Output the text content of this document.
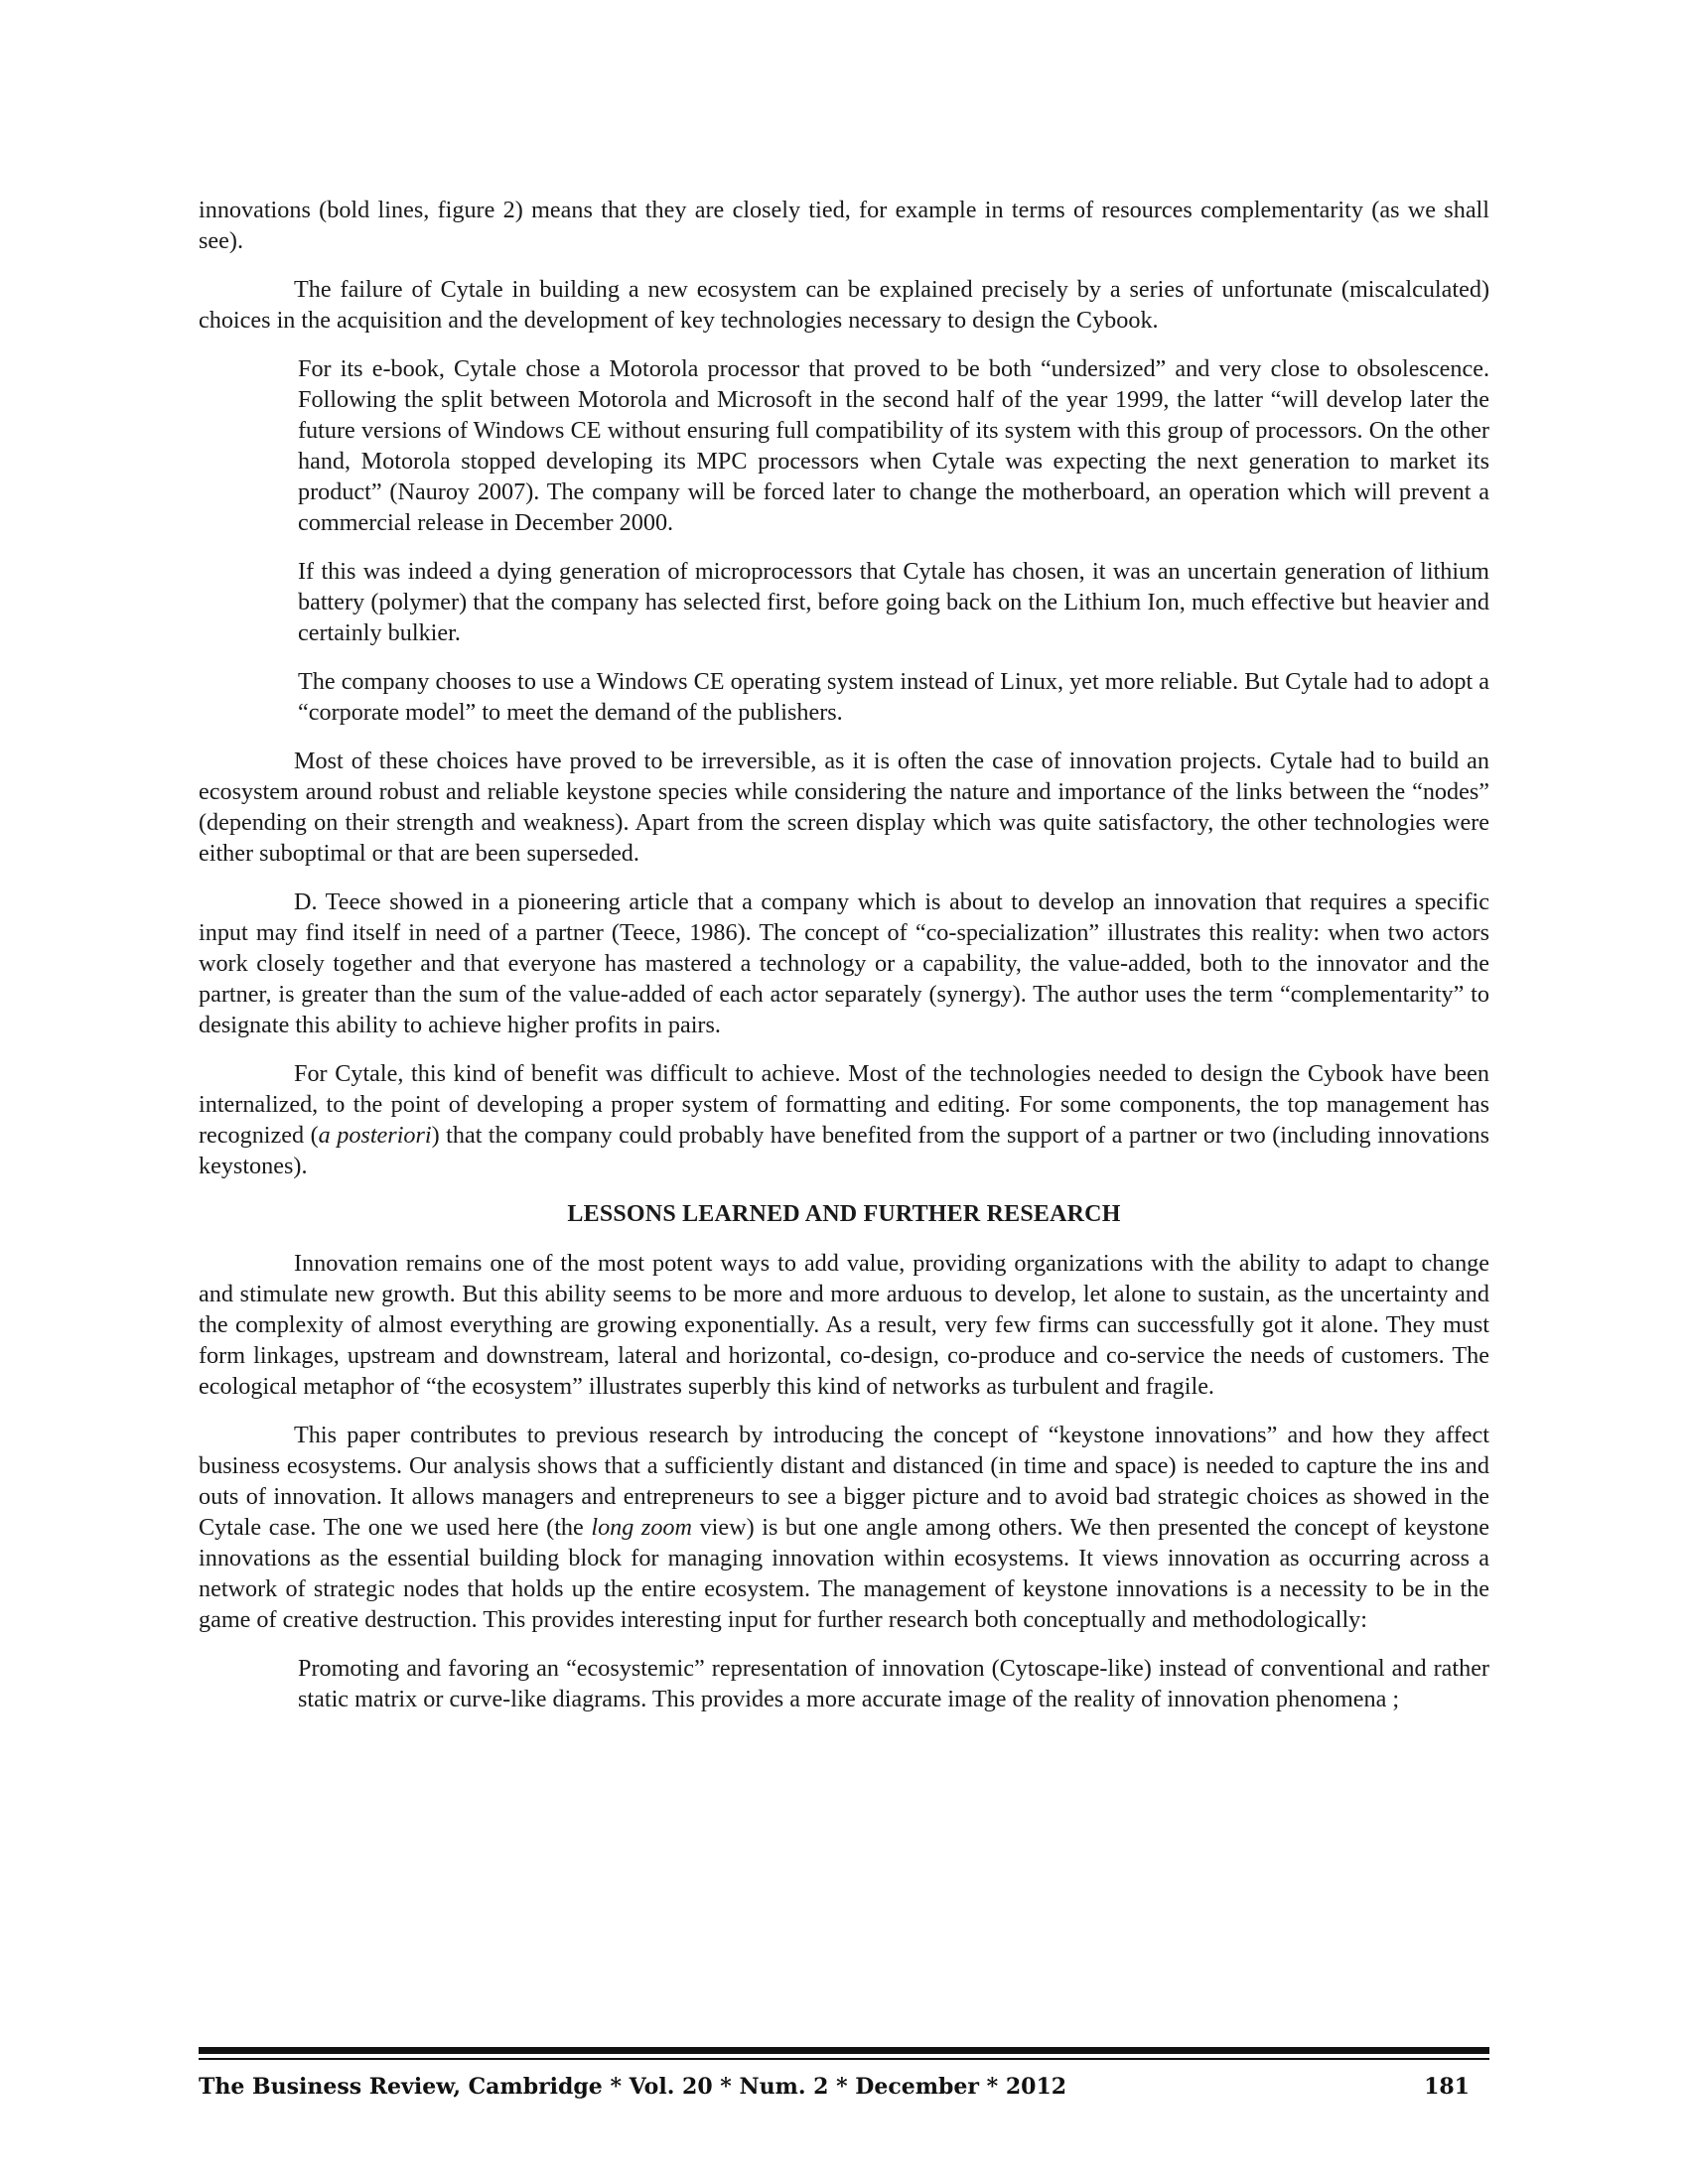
innovations (bold lines, figure 2) means that they are closely tied, for example in terms of resources complementarity (as we shall see).

The failure of Cytale in building a new ecosystem can be explained precisely by a series of unfortunate (miscalculated) choices in the acquisition and the development of key technologies necessary to design the Cybook.

For its e-book, Cytale chose a Motorola processor that proved to be both “undersized” and very close to obsolescence. Following the split between Motorola and Microsoft in the second half of the year 1999, the latter “will develop later the future versions of Windows CE without ensuring full compatibility of its system with this group of processors. On the other hand, Motorola stopped developing its MPC processors when Cytale was expecting the next generation to market its product” (Nauroy 2007). The company will be forced later to change the motherboard, an operation which will prevent a commercial release in December 2000.

If this was indeed a dying generation of microprocessors that Cytale has chosen, it was an uncertain generation of lithium battery (polymer) that the company has selected first, before going back on the Lithium Ion, much effective but heavier and certainly bulkier.

The company chooses to use a Windows CE operating system instead of Linux, yet more reliable. But Cytale had to adopt a “corporate model” to meet the demand of the publishers.

Most of these choices have proved to be irreversible, as it is often the case of innovation projects. Cytale had to build an ecosystem around robust and reliable keystone species while considering the nature and importance of the links between the “nodes” (depending on their strength and weakness). Apart from the screen display which was quite satisfactory, the other technologies were either suboptimal or that are been superseded.

D. Teece showed in a pioneering article that a company which is about to develop an innovation that requires a specific input may find itself in need of a partner (Teece, 1986). The concept of “co-specialization” illustrates this reality: when two actors work closely together and that everyone has mastered a technology or a capability, the value-added, both to the innovator and the partner, is greater than the sum of the value-added of each actor separately (synergy). The author uses the term “complementarity” to designate this ability to achieve higher profits in pairs.

For Cytale, this kind of benefit was difficult to achieve. Most of the technologies needed to design the Cybook have been internalized, to the point of developing a proper system of formatting and editing. For some components, the top management has recognized (a posteriori) that the company could probably have benefited from the support of a partner or two (including innovations keystones).

LESSONS LEARNED AND FURTHER RESEARCH

Innovation remains one of the most potent ways to add value, providing organizations with the ability to adapt to change and stimulate new growth. But this ability seems to be more and more arduous to develop, let alone to sustain, as the uncertainty and the complexity of almost everything are growing exponentially. As a result, very few firms can successfully got it alone. They must form linkages, upstream and downstream, lateral and horizontal, co-design, co-produce and co-service the needs of customers. The ecological metaphor of “the ecosystem” illustrates superbly this kind of networks as turbulent and fragile.

This paper contributes to previous research by introducing the concept of “keystone innovations” and how they affect business ecosystems. Our analysis shows that a sufficiently distant and distanced (in time and space) is needed to capture the ins and outs of innovation. It allows managers and entrepreneurs to see a bigger picture and to avoid bad strategic choices as showed in the Cytale case. The one we used here (the long zoom view) is but one angle among others. We then presented the concept of keystone innovations as the essential building block for managing innovation within ecosystems. It views innovation as occurring across a network of strategic nodes that holds up the entire ecosystem. The management of keystone innovations is a necessity to be in the game of creative destruction. This provides interesting input for further research both conceptually and methodologically:

Promoting and favoring an “ecosystemic” representation of innovation (Cytoscape-like) instead of conventional and rather static matrix or curve-like diagrams. This provides a more accurate image of the reality of innovation phenomena ;

The Business Review, Cambridge * Vol. 20 * Num. 2 * December * 2012	181
